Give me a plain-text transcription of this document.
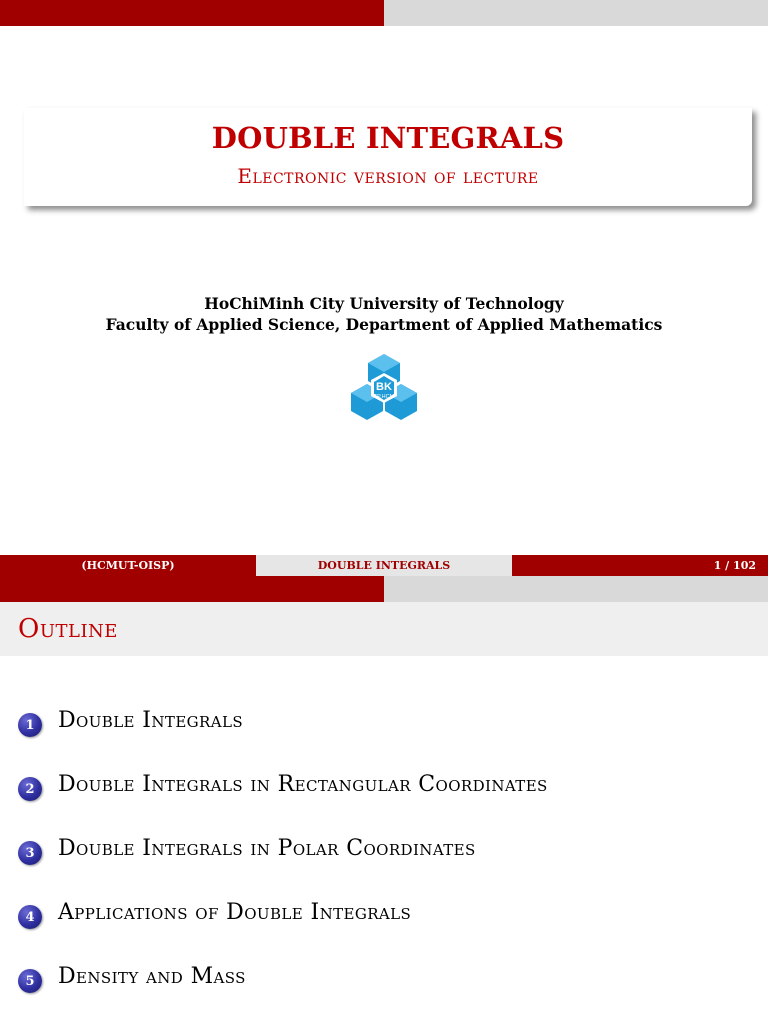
DOUBLE INTEGRALS
Electronic version of lecture
HoChiMinh City University of Technology
Faculty of Applied Science, Department of Applied Mathematics
BK
TP.HCM
(HCMUT-OISP)	DOUBLE INTEGRALS	1 / 102
Outline
1	Double Integrals
2	Double Integrals in Rectangular Coordinates
3	Double Integrals in Polar Coordinates
4	Applications of Double Integrals
5	Density and Mass
